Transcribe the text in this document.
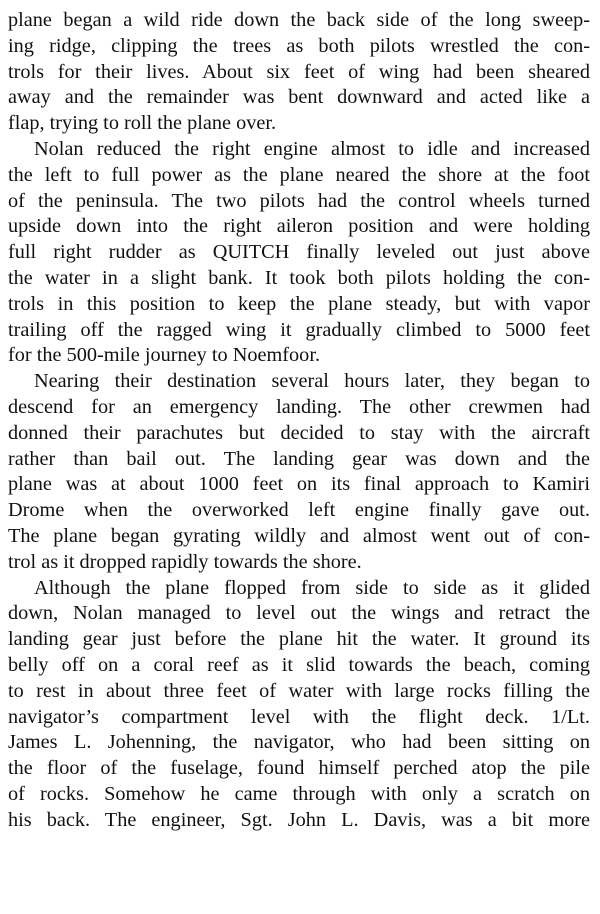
plane began a wild ride down the back side of the long sweep-
ing ridge, clipping the trees as both pilots wrestled the con-
trols for their lives. About six feet of wing had been sheared
away and the remainder was bent downward and acted like a
flap, trying to roll the plane over.

Nolan reduced the right engine almost to idle and increased
the left to full power as the plane neared the shore at the foot
of the peninsula. The two pilots had the control wheels turned
upside down into the right aileron position and were holding
full right rudder as QUITCH finally leveled out just above
the water in a slight bank. It took both pilots holding the con-
trols in this position to keep the plane steady, but with vapor
trailing off the ragged wing it gradually climbed to 5000 feet
for the 500-mile journey to Noemfoor.

Nearing their destination several hours later, they began to
descend for an emergency landing. The other crewmen had
donned their parachutes but decided to stay with the aircraft
rather than bail out. The landing gear was down and the
plane was at about 1000 feet on its final approach to Kamiri
Drome when the overworked left engine finally gave out.
The plane began gyrating wildly and almost went out of con-
trol as it dropped rapidly towards the shore.

Although the plane flopped from side to side as it glided
down, Nolan managed to level out the wings and retract the
landing gear just before the plane hit the water. It ground its
belly off on a coral reef as it slid towards the beach, coming
to rest in about three feet of water with large rocks filling the
navigator’s compartment level with the flight deck. 1/Lt.
James L. Johenning, the navigator, who had been sitting on
the floor of the fuselage, found himself perched atop the pile
of rocks. Somehow he came through with only a scratch on
his back. The engineer, Sgt. John L. Davis, was a bit more
